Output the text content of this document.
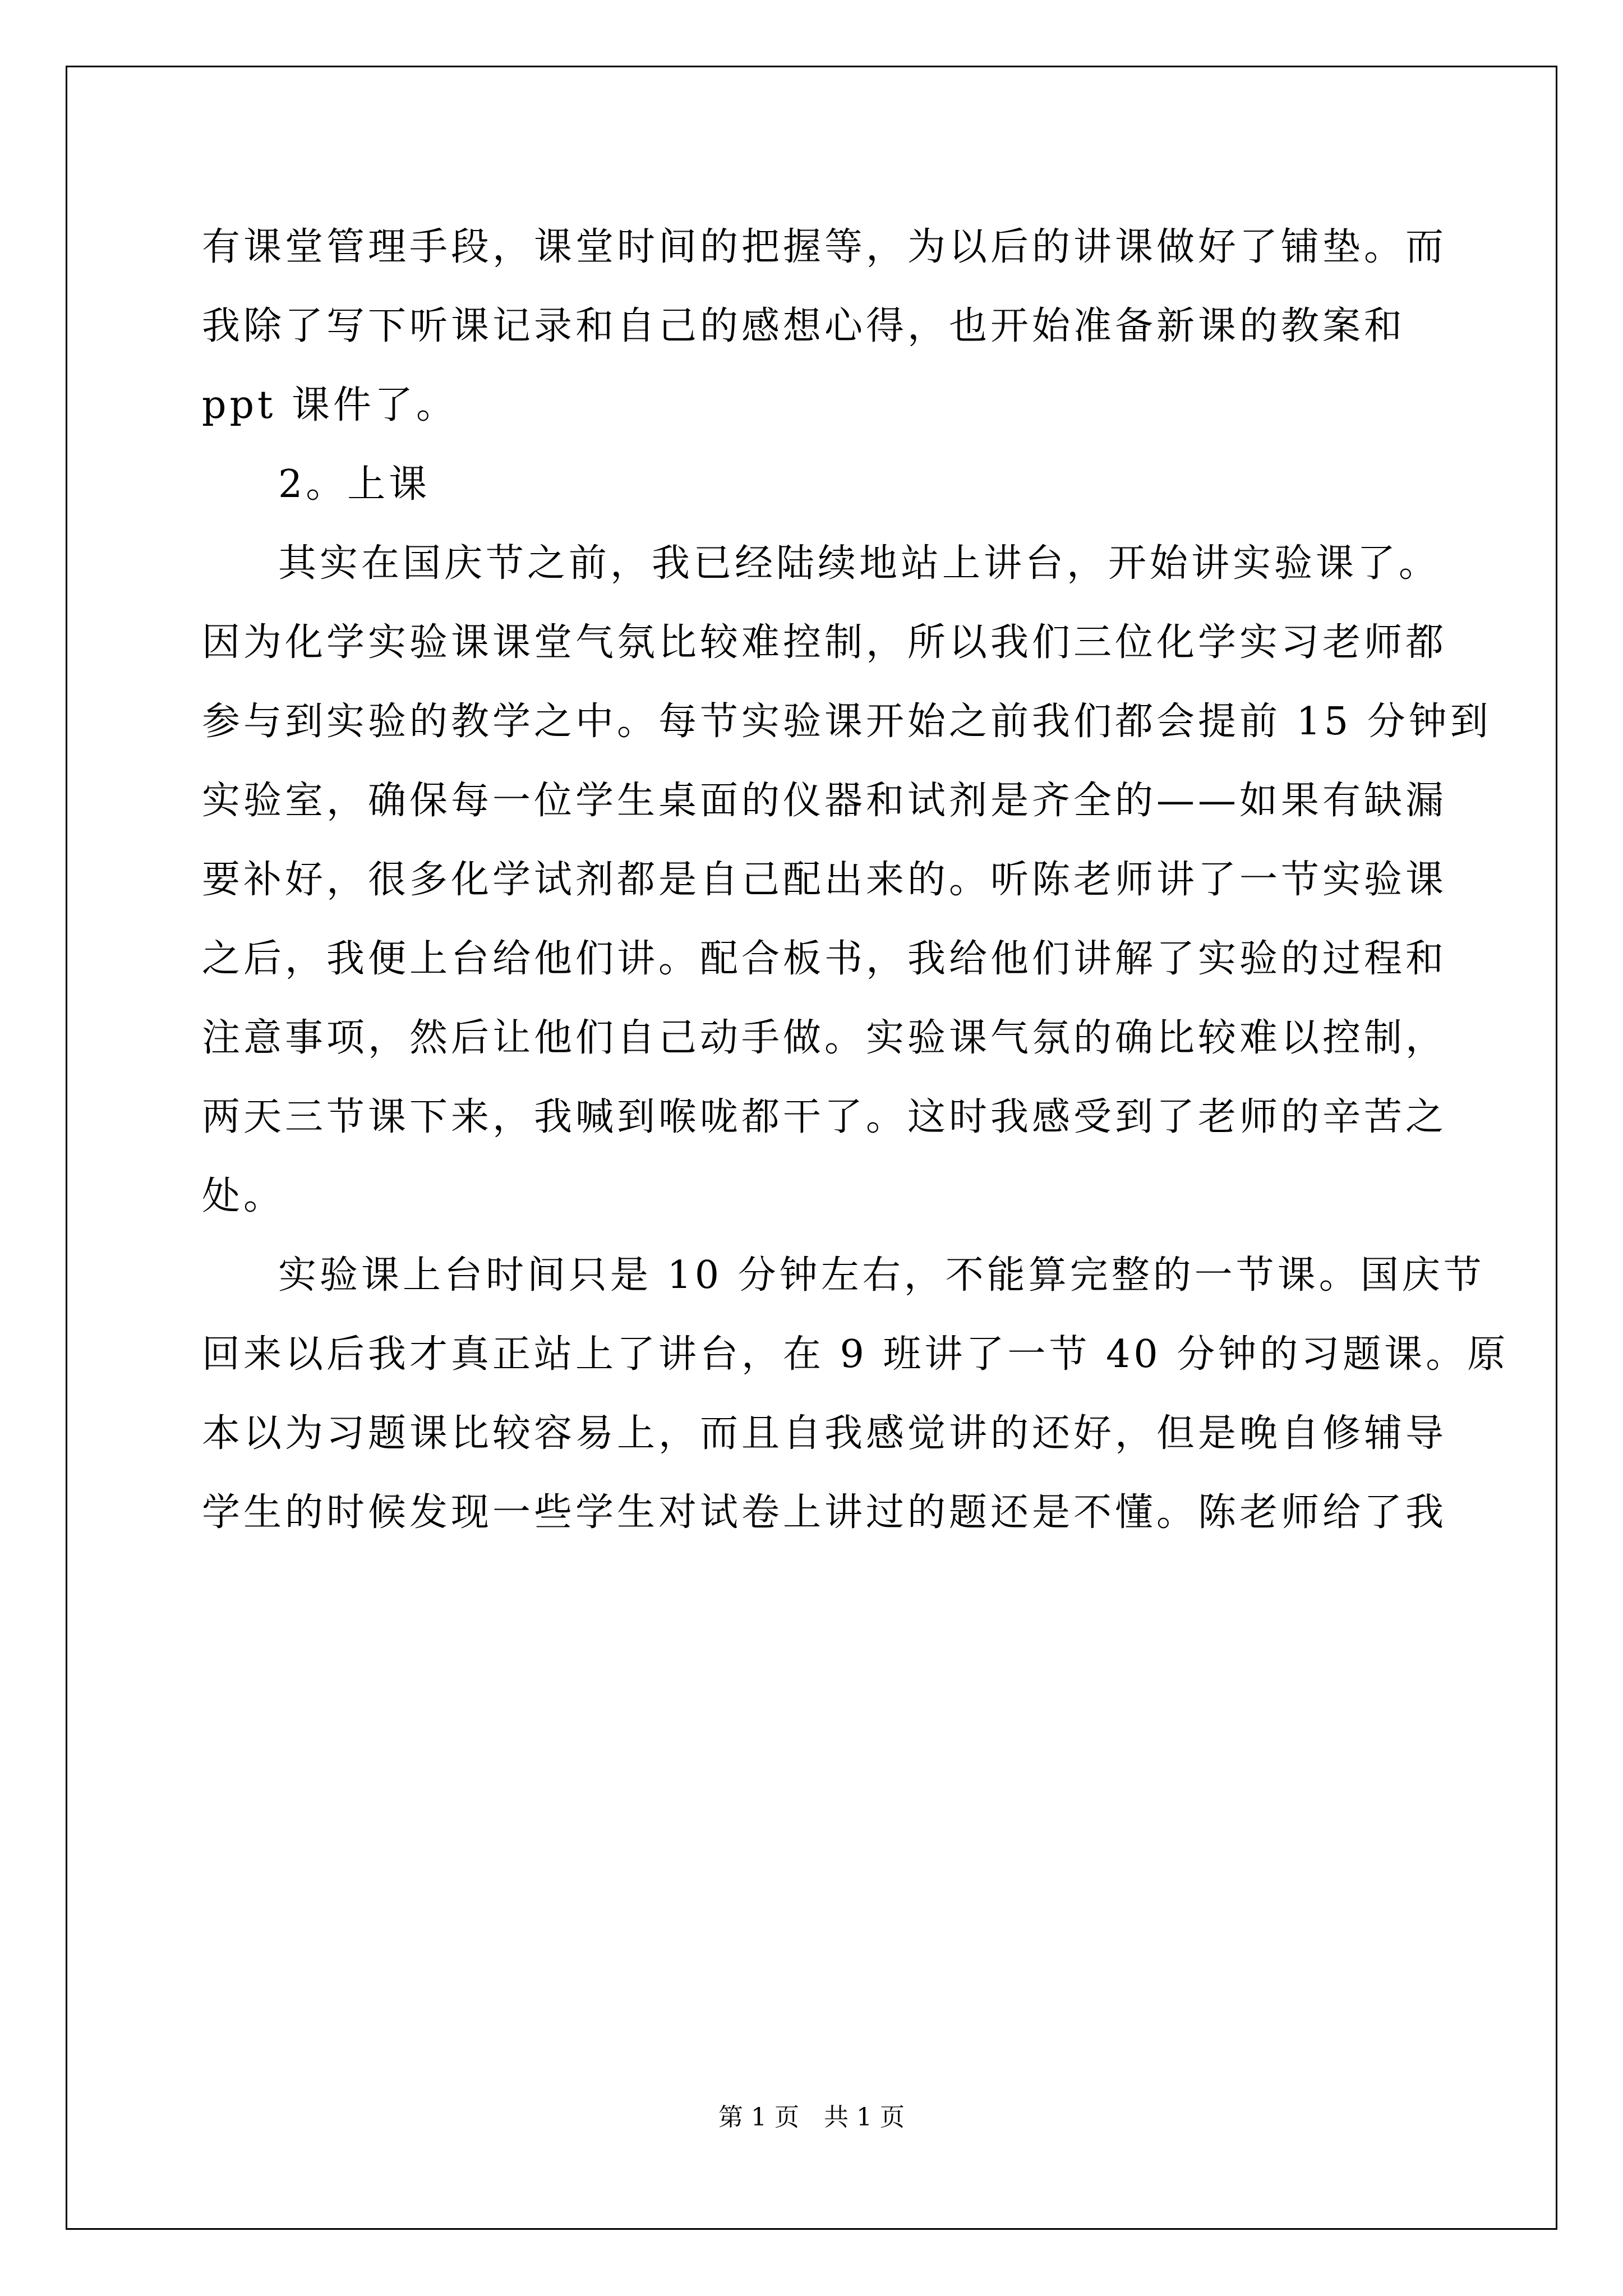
有课堂管理手段，课堂时间的把握等，为以后的讲课做好了铺垫。而
我除了写下听课记录和自己的感想心得，也开始准备新课的教案和
ppt 课件了。
2。上课
其实在国庆节之前，我已经陆续地站上讲台，开始讲实验课了。
因为化学实验课课堂气氛比较难控制，所以我们三位化学实习老师都
参与到实验的教学之中。每节实验课开始之前我们都会提前 15 分钟到
实验室，确保每一位学生桌面的仪器和试剂是齐全的——如果有缺漏
要补好，很多化学试剂都是自己配出来的。听陈老师讲了一节实验课
之后，我便上台给他们讲。配合板书，我给他们讲解了实验的过程和
注意事项，然后让他们自己动手做。实验课气氛的确比较难以控制，
两天三节课下来，我喊到喉咙都干了。这时我感受到了老师的辛苦之
处。
实验课上台时间只是 10 分钟左右，不能算完整的一节课。国庆节
回来以后我才真正站上了讲台，在 9 班讲了一节 40 分钟的习题课。原
本以为习题课比较容易上，而且自我感觉讲的还好，但是晚自修辅导
学生的时候发现一些学生对试卷上讲过的题还是不懂。陈老师给了我
第 1 页 共 1 页
